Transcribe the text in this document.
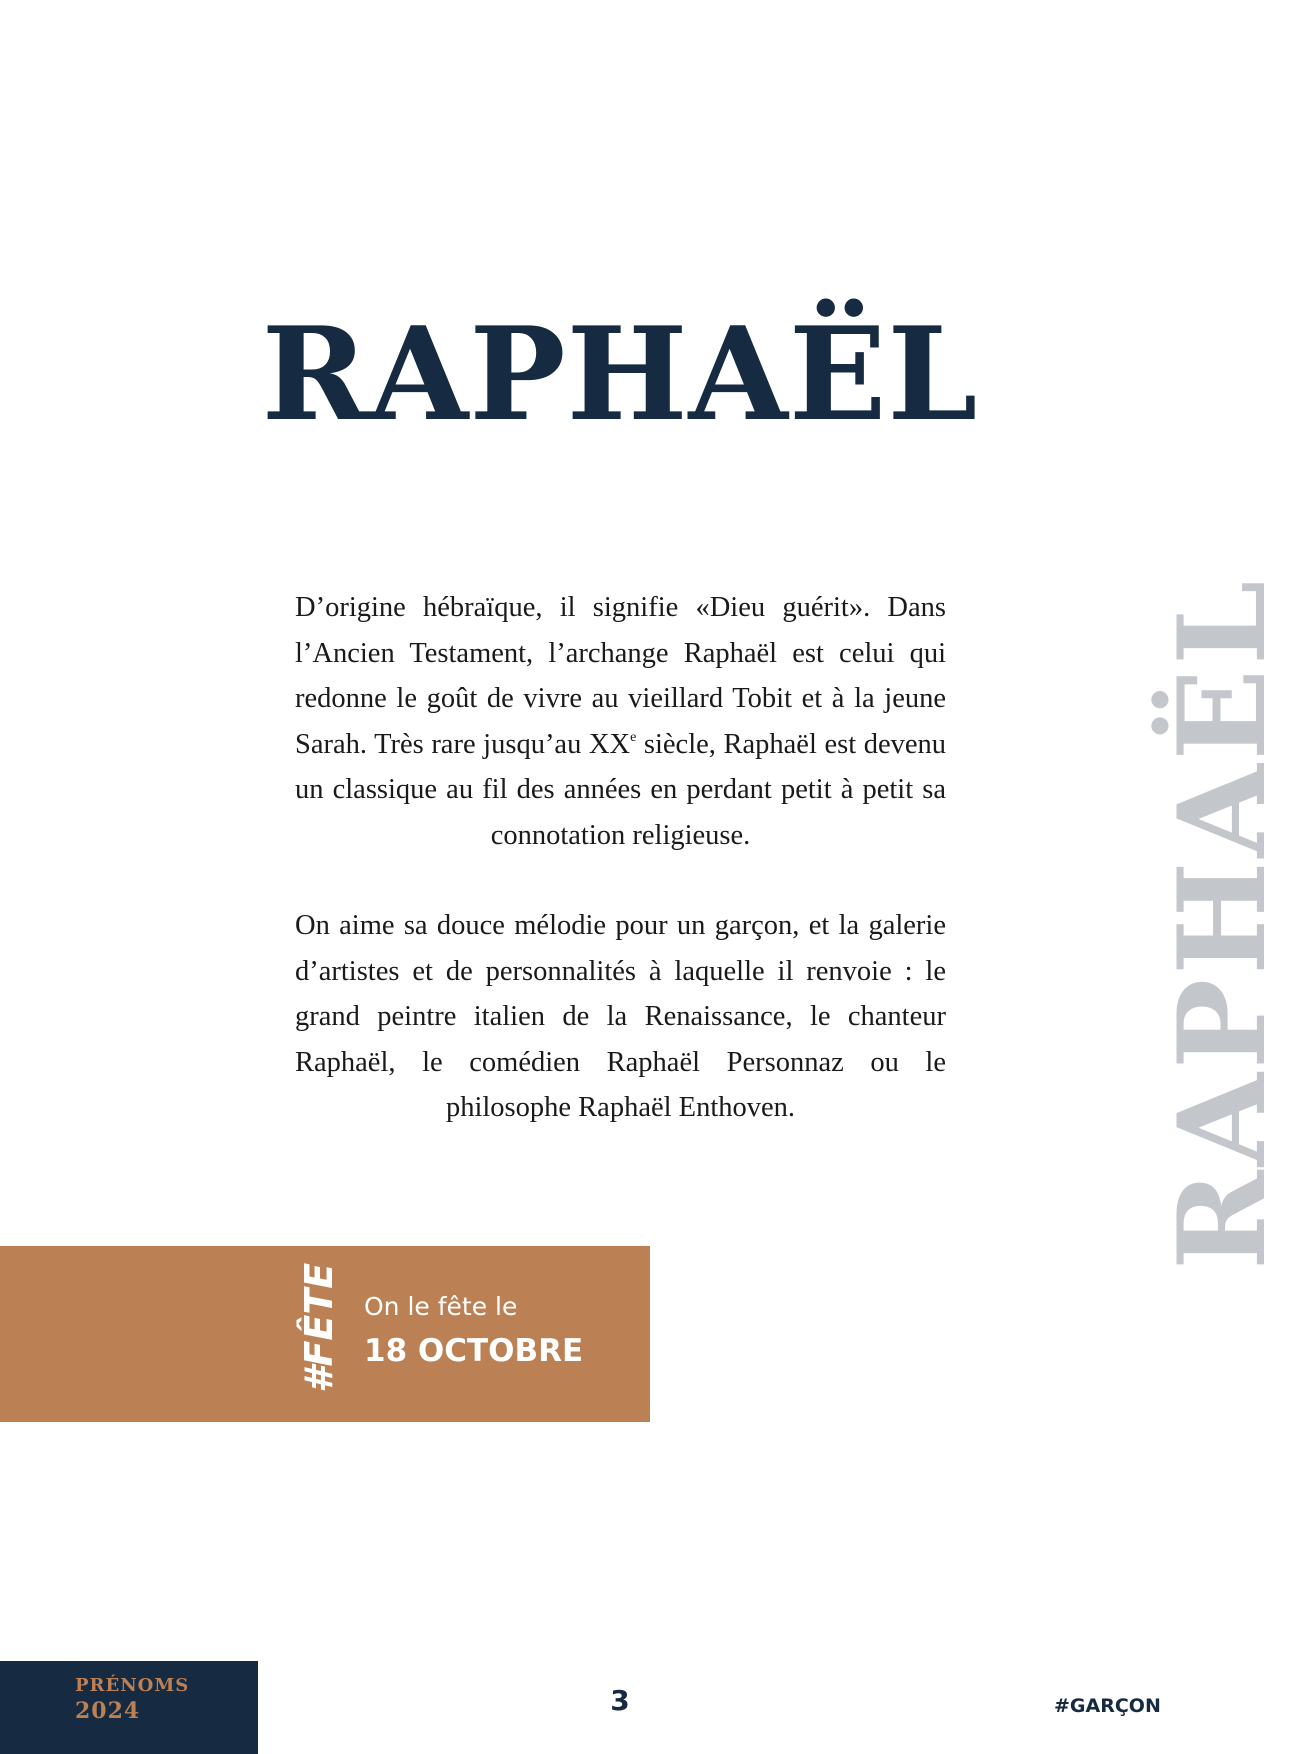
RAPHAËL
RAPHAËL

D’origine hébraïque, il signifie «Dieu guérit». Dans l’Ancien Testament, l’archange Raphaël est celui qui redonne le goût de vivre au vieillard Tobit et à la jeune Sarah. Très rare jusqu’au XXe siècle, Raphaël est devenu un classique au fil des années en perdant petit à petit sa connotation religieuse.

On aime sa douce mélodie pour un garçon, et la galerie d’artistes et de personnalités à laquelle il renvoie : le grand peintre italien de la Renaissance, le chanteur Raphaël, le comédien Raphaël Personnaz ou le philosophe Raphaël Enthoven.

#FÊTE On le fête le
18 OCTOBRE
PRÉNOMS
2024	3	#GARÇON
